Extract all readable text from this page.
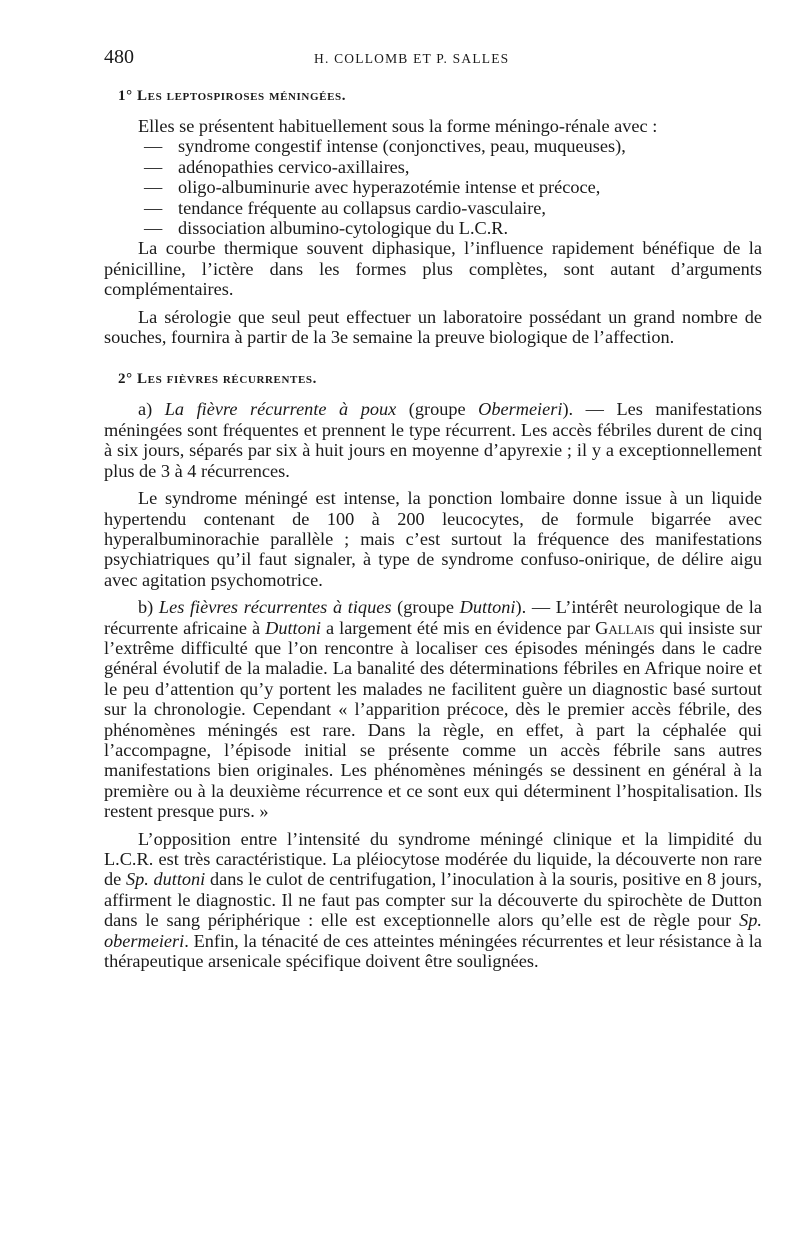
480	H. COLLOMB ET P. SALLES
1° Les leptospiroses méningées.

Elles se présentent habituellement sous la forme méningo-rénale avec :

— syndrome congestif intense (conjonctives, peau, muqueuses),
— adénopathies cervico-axillaires,
— oligo-albuminurie avec hyperazotémie intense et précoce,
— tendance fréquente au collapsus cardio-vasculaire,
— dissociation albumino-cytologique du L.C.R.

La courbe thermique souvent diphasique, l’influence rapidement bénéfique de la pénicilline, l’ictère dans les formes plus complètes, sont autant d’arguments complémentaires.

La sérologie que seul peut effectuer un laboratoire possédant un grand nombre de souches, fournira à partir de la 3e semaine la preuve biologique de l’affection.

2° Les fièvres récurrentes.

a) La fièvre récurrente à poux (groupe Obermeieri). — Les manifestations méningées sont fréquentes et prennent le type récurrent. Les accès fébriles durent de cinq à six jours, séparés par six à huit jours en moyenne d’apyrexie ; il y a exceptionnellement plus de 3 à 4 récurrences.

Le syndrome méningé est intense, la ponction lombaire donne issue à un liquide hypertendu contenant de 100 à 200 leucocytes, de formule bigarrée avec hyperalbuminorachie parallèle ; mais c’est surtout la fréquence des manifestations psychiatriques qu’il faut signaler, à type de syndrome confuso-onirique, de délire aigu avec agitation psychomotrice.

b) Les fièvres récurrentes à tiques (groupe Duttoni). — L’intérêt neurologique de la récurrente africaine à Duttoni a largement été mis en évidence par Gallais qui insiste sur l’extrême difficulté que l’on rencontre à localiser ces épisodes méningés dans le cadre général évolutif de la maladie. La banalité des déterminations fébriles en Afrique noire et le peu d’attention qu’y portent les malades ne facilitent guère un diagnostic basé surtout sur la chronologie. Cependant « l’apparition précoce, dès le premier accès fébrile, des phénomènes méningés est rare. Dans la règle, en effet, à part la céphalée qui l’accompagne, l’épisode initial se présente comme un accès fébrile sans autres manifestations bien originales. Les phénomènes méningés se dessinent en général à la première ou à la deuxième récurrence et ce sont eux qui déterminent l’hospitalisation. Ils restent presque purs. »

L’opposition entre l’intensité du syndrome méningé clinique et la limpidité du L.C.R. est très caractéristique. La pléiocytose modérée du liquide, la découverte non rare de Sp. duttoni dans le culot de centrifugation, l’inoculation à la souris, positive en 8 jours, affirment le diagnostic. Il ne faut pas compter sur la découverte du spirochète de Dutton dans le sang périphérique : elle est exceptionnelle alors qu’elle est de règle pour Sp. obermeieri. Enfin, la ténacité de ces atteintes méningées récurrentes et leur résistance à la thérapeutique arsenicale spécifique doivent être soulignées.
